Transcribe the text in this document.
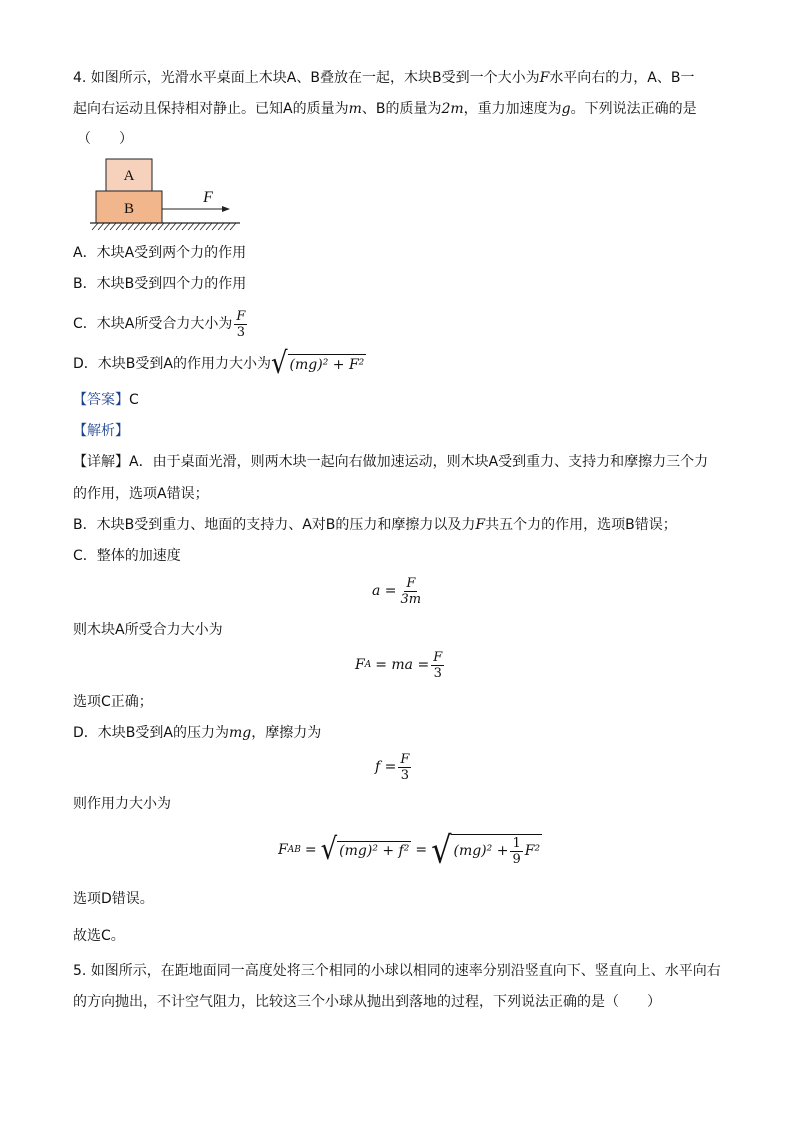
4. 如图所示，光滑水平桌面上木块A、B叠放在一起，木块B受到一个大小为F水平向右的力，A、B一
起向右运动且保持相对静止。已知A的质量为m、B的质量为2m，重力加速度为g。下列说法正确的是
（　　）
A
B
F
A．木块A受到两个力的作用
B．木块B受到四个力的作用
C．木块A所受合力大小为 $\frac{F}{3}$
D．木块B受到A的作用力大小为 √ (mg)² + F²
【答案】C
【解析】
【详解】A．由于桌面光滑，则两木块一起向右做加速运动，则木块A受到重力、支持力和摩擦力三个力
的作用，选项A错误；
B．木块B受到重力、地面的支持力、A对B的压力和摩擦力以及力F共五个力的作用，选项B错误；
C．整体的加速度
$a = \frac{F}{3m}$
则木块A所受合力大小为
F A = ma = $\frac{F}{3}$
选项C正确；
D．木块B受到A的压力为mg，摩擦力为
$f = \frac{F}{3}$
则作用力大小为
F AB = √ (mg)² + f² = √ $(mg)^2 + \frac{1}{9} F^2$
选项D错误。
故选C。
5. 如图所示，在距地面同一高度处将三个相同的小球以相同的速率分别沿竖直向下、竖直向上、水平向右
的方向抛出，不计空气阻力，比较这三个小球从抛出到落地的过程，下列说法正确的是（　　）
